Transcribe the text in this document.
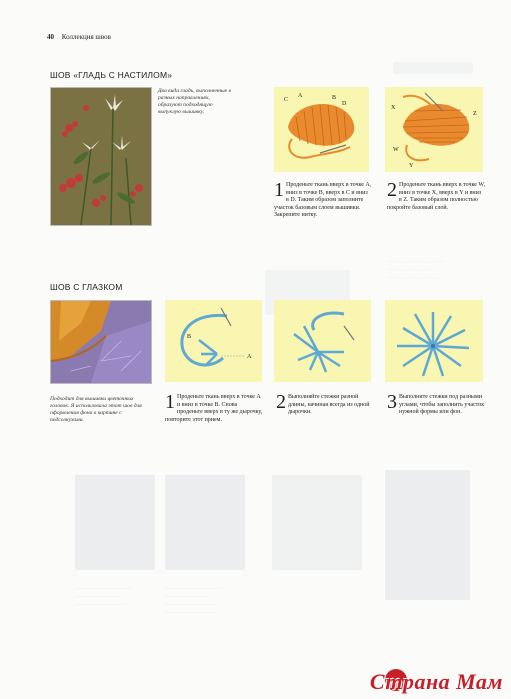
——— ——— ———
—— ——— ——
——— —— ———
——— ——— ———
—— ——— ——
——— —— ———
—— ——— ———
——— ——— ———
—— ——— ——
——— —— ———
40 Коллекция швов
ШОВ «ГЛАДЬ С НАСТИЛОМ»
Два вида гладь, выполненные в разных направлениях, образуют подходящую выпуклую вышивку.
C
A	B
D
X
Z
W
Y
1 Проденьте ткань вверх в точке A, вниз в точке B, вверх в C и вниз в D. Таким образом заполните участок базовым слоем вышивки. Закрепите нитку.
2 Проденьте ткань вверх в точке W, вниз в точке X, вверх в Y и вниз в Z. Таким образом полностью покройте базовый слой.
ШОВ С ГЛАЗКОМ
Подходит для вышивки цветочных головок. Я использовала этот шов для оформления фона в картине с подсолнухами.
A
B
1 Проденьте ткань вверх в точке A и вниз в точке B. Снова проденьте вверх в ту же дырочку, повторите этот прием.
2 Выполняйте стежки разной длины, начиная всегда из одной дырочки.	3 Выполните стежки под разными углами, чтобы заполнить участок нужной формы или фон.
Страна Мам
